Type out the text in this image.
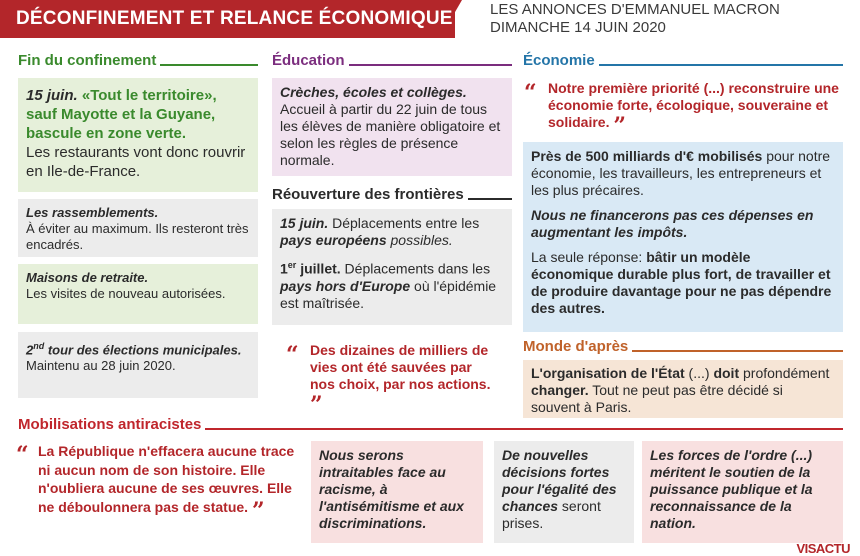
DÉCONFINEMENT ET RELANCE ÉCONOMIQUE LES ANNONCES D'EMMANUEL MACRON
DIMANCHE 14 JUIN 2020
Fin du confinement
15 juin. «Tout le territoire», sauf Mayotte et la Guyane, bascule en zone verte.
Les restaurants vont donc rouvrir en Ile-de-France.
Les rassemblements.
À éviter au maximum. Ils resteront très encadrés.
Maisons de retraite.
Les visites de nouveau autorisées.
2nd tour des élections municipales.
Maintenu au 28 juin 2020.
Éducation
Crèches, écoles et collèges.
Accueil à partir du 22 juin de tous les élèves de manière obligatoire et selon les règles de présence normale.
Réouverture des frontières
15 juin. Déplacements entre les pays européens possibles.
1er juillet. Déplacements dans les pays hors d'Europe où l'épidémie est maîtrisée.
“ Des dizaines de milliers de vies ont été sauvées par nos choix, par nos actions. ”
Économie
“ Notre première priorité (...) reconstruire une économie forte, écologique, souveraine et solidaire. ”
Près de 500 milliards d'€ mobilisés pour notre économie, les travailleurs, les entrepreneurs et les plus précaires.
Nous ne financerons pas ces dépenses en augmentant les impôts.
La seule réponse: bâtir un modèle économique durable plus fort, de travailler et de produire davantage pour ne pas dépendre des autres.
Monde d'après
L'organisation de l'État (...) doit profondément changer. Tout ne peut pas être décidé si souvent à Paris.
Mobilisations antiracistes
“ La République n'effacera aucune trace ni aucun nom de son histoire. Elle n'oubliera aucune de ses œuvres. Elle ne déboulonnera pas de statue. ”
Nous serons intraitables face au racisme, à l'antisémitisme et aux discriminations.
De nouvelles décisions fortes pour l'égalité des chances seront prises.
Les forces de l'ordre (...) méritent le soutien de la puissance publique et la reconnaissance de la nation.
VISACTU
